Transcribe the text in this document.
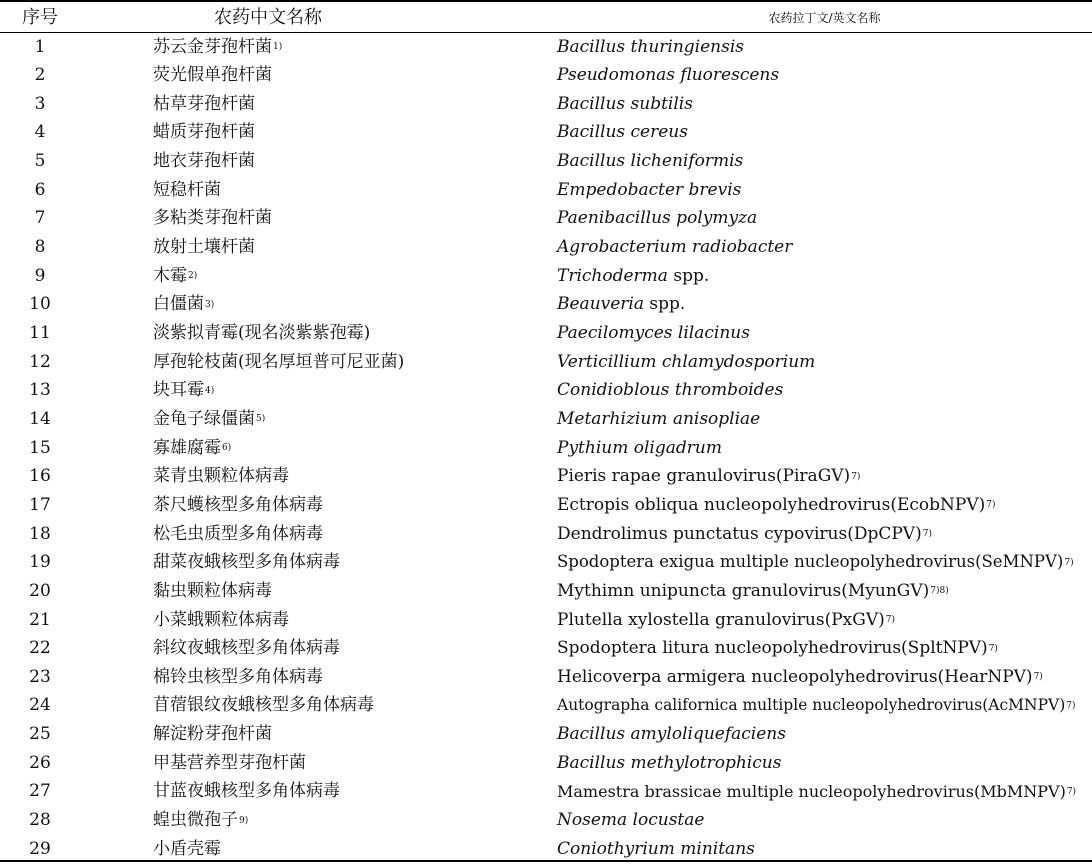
序号	农药中文名称	农药拉丁文/英文名称
1	苏云金芽孢杆菌 1)	Bacillus thuringiensis
2	荧光假单孢杆菌	Pseudomonas fluorescens
3	枯草芽孢杆菌	Bacillus subtilis
4	蜡质芽孢杆菌	Bacillus cereus
5	地衣芽孢杆菌	Bacillus licheniformis
6	短稳杆菌	Empedobacter brevis
7	多粘类芽孢杆菌	Paenibacillus polymyza
8	放射土壤杆菌	Agrobacterium radiobacter
9	木霉 2)	Trichoderma spp.
10	白僵菌 3)	Beauveria spp.
11	淡紫拟青霉(现名淡紫紫孢霉)	Paecilomyces lilacinus
12	厚孢轮枝菌(现名厚垣普可尼亚菌)	Verticillium chlamydosporium
13	块耳霉 4)	Conidioblous thromboides
14	金龟子绿僵菌 5)	Metarhizium anisopliae
15	寡雄腐霉 6)	Pythium oligadrum
16	菜青虫颗粒体病毒	Pieris rapae granulovirus(PiraGV) 7)
17	茶尺蠖核型多角体病毒	Ectropis obliqua nucleopolyhedrovirus(EcobNPV) 7)
18	松毛虫质型多角体病毒	Dendrolimus punctatus cypovirus(DpCPV) 7)
19	甜菜夜蛾核型多角体病毒	Spodoptera exigua multiple nucleopolyhedrovirus(SeMNPV) 7)
20	黏虫颗粒体病毒	Mythimn unipuncta granulovirus(MyunGV) 7)8)
21	小菜蛾颗粒体病毒	Plutella xylostella granulovirus(PxGV) 7)
22	斜纹夜蛾核型多角体病毒	Spodoptera litura nucleopolyhedrovirus(SpltNPV) 7)
23	棉铃虫核型多角体病毒	Helicoverpa armigera nucleopolyhedrovirus(HearNPV) 7)
24	苜蓿银纹夜蛾核型多角体病毒	Autographa californica multiple nucleopolyhedrovirus(AcMNPV) 7)
25	解淀粉芽孢杆菌	Bacillus amyloliquefaciens
26	甲基营养型芽孢杆菌	Bacillus methylotrophicus
27	甘蓝夜蛾核型多角体病毒	Mamestra brassicae multiple nucleopolyhedrovirus(MbMNPV) 7)
28	蝗虫微孢子 9)	Nosema locustae
29	小盾壳霉	Coniothyrium minitans
